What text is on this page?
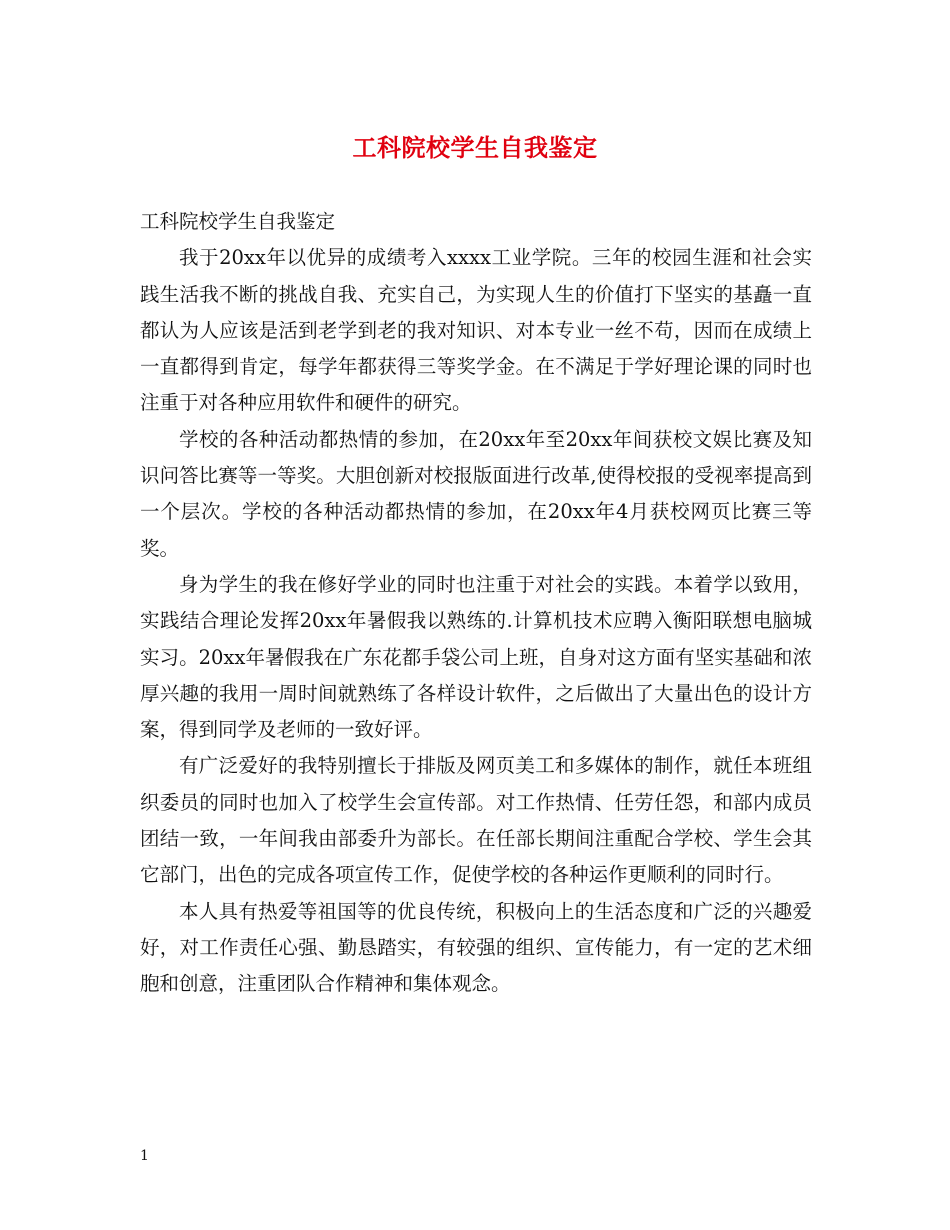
工科院校学生自我鉴定

工科院校学生自我鉴定

我于20xx年以优异的成绩考入xxxx工业学院。三年的校园生涯和社会实践生活我不断的挑战自我、充实自己，为实现人生的价值打下坚实的基矗一直都认为人应该是活到老学到老的我对知识、对本专业一丝不苟，因而在成绩上一直都得到肯定，每学年都获得三等奖学金。在不满足于学好理论课的同时也注重于对各种应用软件和硬件的研究。

学校的各种活动都热情的参加，在20xx年至20xx年间获校文娱比赛及知识问答比赛等一等奖。大胆创新对校报版面进行改革,使得校报的受视率提高到一个层次。学校的各种活动都热情的参加，在20xx年4月获校网页比赛三等奖。

身为学生的我在修好学业的同时也注重于对社会的实践。本着学以致用，实践结合理论发挥20xx年暑假我以熟练的.计算机技术应聘入衡阳联想电脑城实习。20xx年暑假我在广东花都手袋公司上班，自身对这方面有坚实基础和浓厚兴趣的我用一周时间就熟练了各样设计软件，之后做出了大量出色的设计方案，得到同学及老师的一致好评。

有广泛爱好的我特别擅长于排版及网页美工和多媒体的制作，就任本班组织委员的同时也加入了校学生会宣传部。对工作热情、任劳任怨，和部内成员团结一致，一年间我由部委升为部长。在任部长期间注重配合学校、学生会其它部门，出色的完成各项宣传工作，促使学校的各种运作更顺利的同时行。

本人具有热爱等祖国等的优良传统，积极向上的生活态度和广泛的兴趣爱好，对工作责任心强、勤恳踏实，有较强的组织、宣传能力，有一定的艺术细胞和创意，注重团队合作精神和集体观念。

1
